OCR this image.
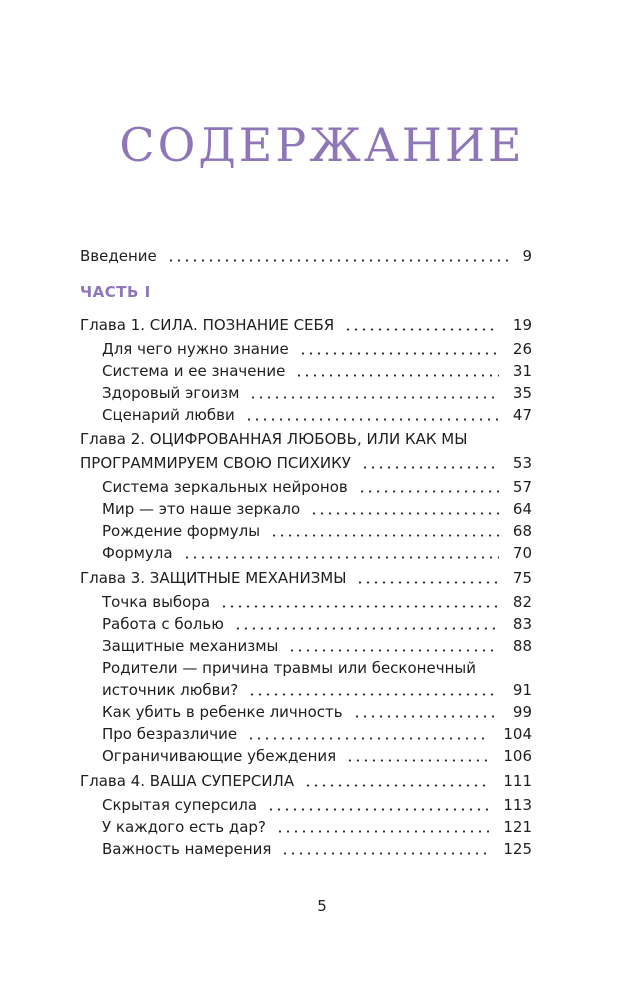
СОДЕРЖАНИЕ
Введение	9
Глава 1. СИЛА. ПОЗНАНИЕ СЕБЯ	19
Для чего нужно знание	26
Система и ее значение	31
Здоровый эгоизм	35
Сценарий любви	47
Глава 2. ОЦИФРОВАННАЯ ЛЮБОВЬ, ИЛИ КАК МЫ
ПРОГРАММИРУЕМ СВОЮ ПСИХИКУ	53
Система зеркальных нейронов	57
Мир — это наше зеркало	64
Рождение формулы	68
Формула	70
Глава 3. ЗАЩИТНЫЕ МЕХАНИЗМЫ	75
Точка выбора	82
Работа с болью	83
Защитные механизмы	88
Родители — причина травмы или бесконечный
источник любви?	91
Как убить в ребенке личность	99
Про безразличие	104
Ограничивающие убеждения	106
Глава 4. ВАША СУПЕРСИЛА	111
Скрытая суперсила	113
У каждого есть дар?	121
Важность намерения	125
ЧАСТЬ I
5
